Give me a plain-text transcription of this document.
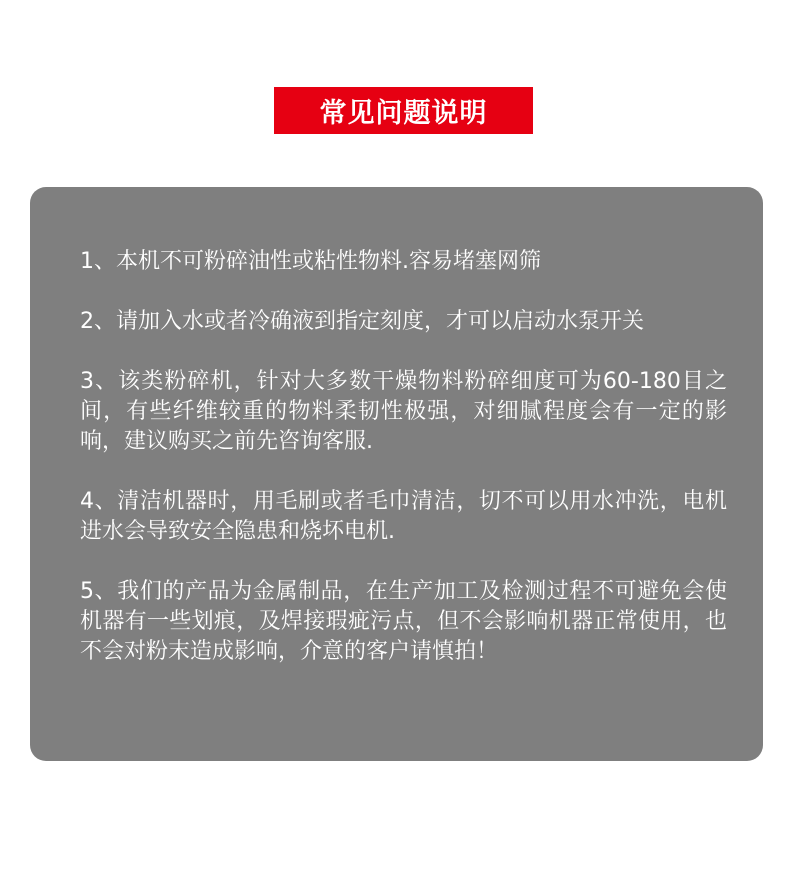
常见问题说明

1、本机不可粉碎油性或粘性物料.容易堵塞网筛

2、请加入水或者冷确液到指定刻度，才可以启动水泵开关

3、该类粉碎机，针对大多数干燥物料粉碎细度可为60-180目之间，有些纤维较重的物料柔韧性极强，对细腻程度会有一定的影响，建议购买之前先咨询客服.

4、清洁机器时，用毛刷或者毛巾清洁，切不可以用水冲洗，电机进水会导致安全隐患和烧坏电机.

5、我们的产品为金属制品，在生产加工及检测过程不可避免会使机器有一些划痕，及焊接瑕疵污点，但不会影响机器正常使用，也不会对粉末造成影响，介意的客户请慎拍！
